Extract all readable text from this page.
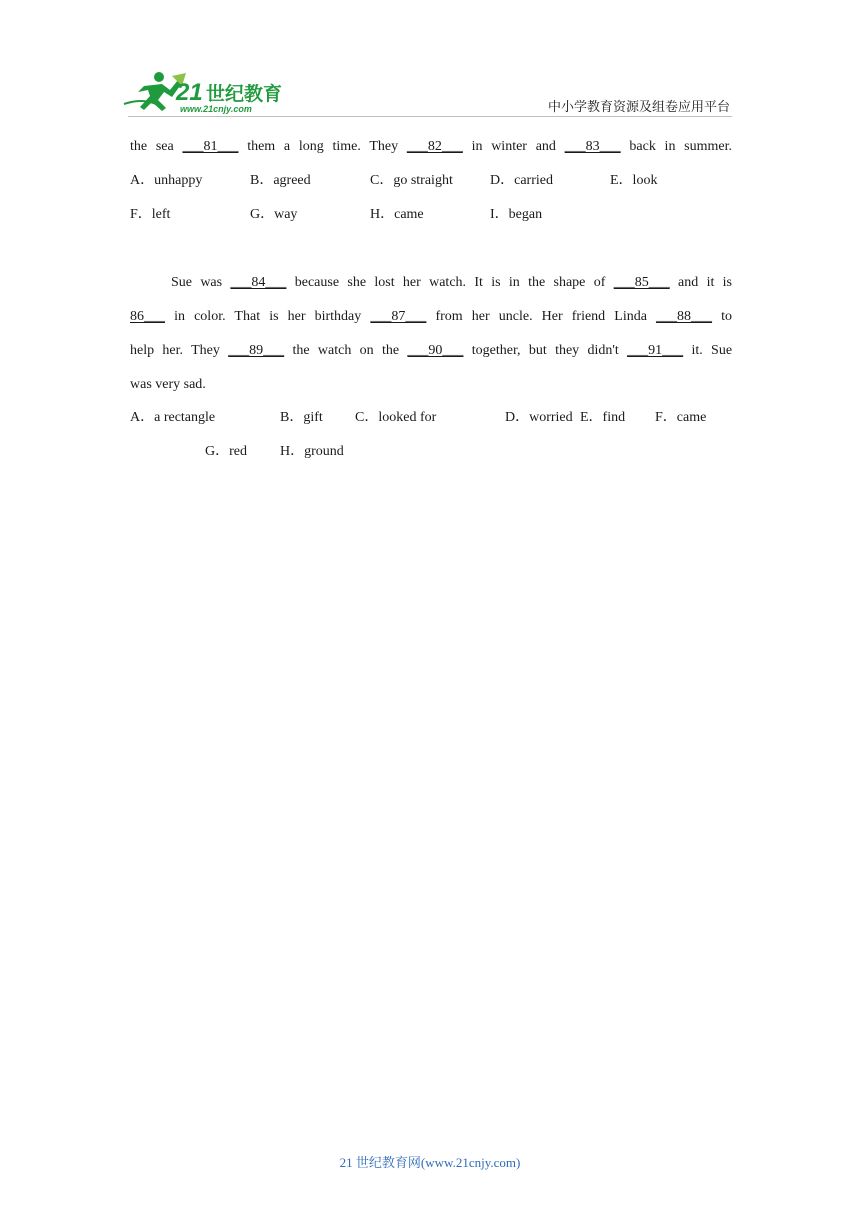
21 世纪教育
www.21cnjy.com	中小学教育资源及组卷应用平台
the sea ___81___ them a long time. They ___82___ in winter and ___83___ back in summer.
A．unhappy	B．agreed	C．go straight	D．carried	E．look
F．left	G．way	H．came	I．began
Sue was ___84___ because she lost her watch. It is in the shape of ___85___ and it is
86___ in color. That is her birthday ___87___ from her uncle. Her friend Linda ___88___ to
help her. They ___89___ the watch on the ___90___ together, but they didn't ___91___ it. Sue
was very sad.
A．a rectangle	B．gift C．looked for	D．worried E．find F．came
G．red H．ground
21 世纪教育网(www.21cnjy.com)
